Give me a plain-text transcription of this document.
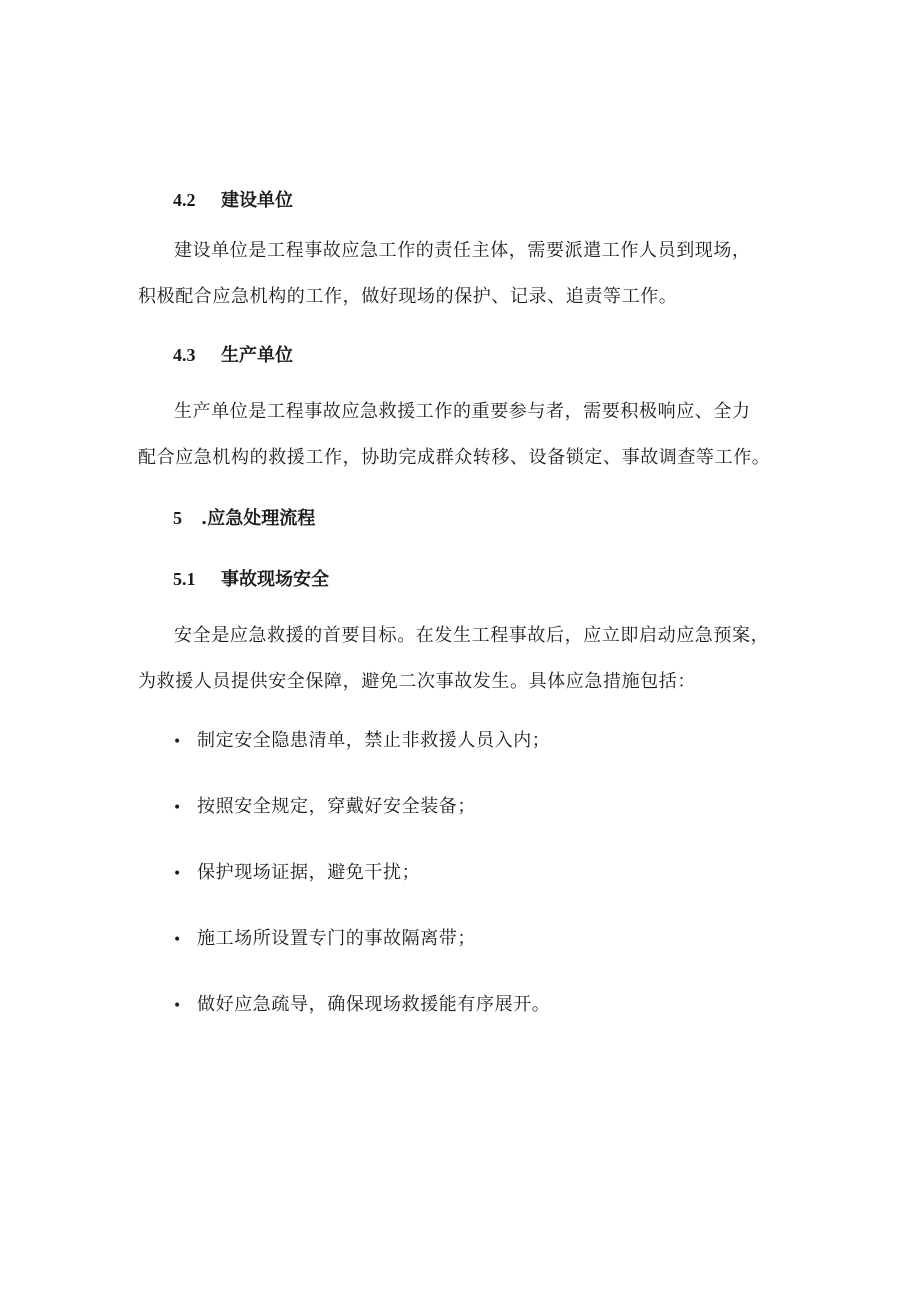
4.2 建设单位
建设单位是工程事故应急工作的责任主体，需要派遣工作人员到现场，
积极配合应急机构的工作，做好现场的保护、记录、追责等工作。
4.3 生产单位
生产单位是工程事故应急救援工作的重要参与者，需要积极响应、全力
配合应急机构的救援工作，协助完成群众转移、设备锁定、事故调查等工作。
5 .应急处理流程
5.1 事故现场安全
安全是应急救援的首要目标。在发生工程事故后，应立即启动应急预案，
为救援人员提供安全保障，避免二次事故发生。具体应急措施包括：
• 制定安全隐患清单，禁止非救援人员入内；
• 按照安全规定，穿戴好安全装备；
• 保护现场证据，避免干扰；
• 施工场所设置专门的事故隔离带；
• 做好应急疏导，确保现场救援能有序展开。
